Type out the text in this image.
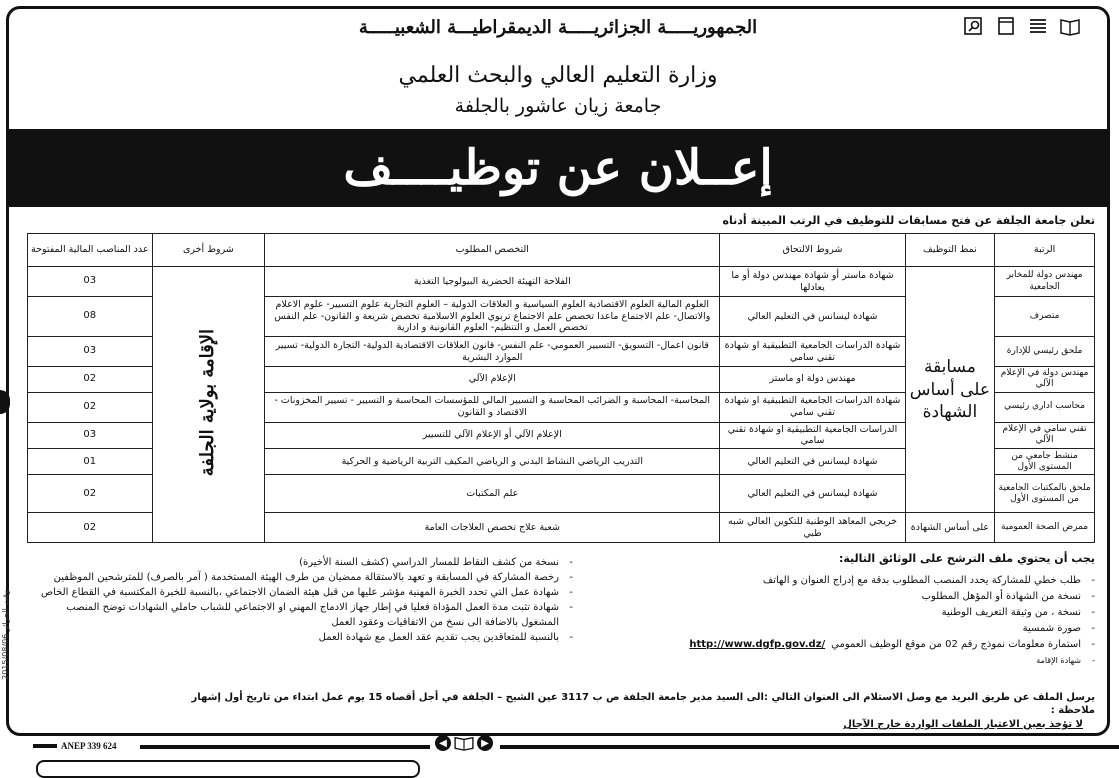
الجمهوريـــــة الجزائريـــــة الديمقراطيـــة الشعبيـــــة
وزارة التعليم العالي والبحث العلمي
جامعة زيان عاشور بالجلفة
إعــلان عن توظيــــف
تعلن جامعة الجلفة عن فتح مسابقات للتوظيف في الرتب المبينة أدناه
الرتبة	نمط التوظيف	شروط الالتحاق	التخصص المطلوب	شروط أخرى	عدد المناصب المالية المفتوحة
مهندس دولة للمخابر الجامعية	مسابقة على أساس الشهادة	شهادة ماستر أو شهادة مهندس دولة أو ما يعادلها	الفلاحة التهيئة الحضرية البيولوجيا التغذية	الإقامة بولاية الجلفة	03
متصرف		شهادة ليسانس في التعليم العالي	العلوم المالية العلوم الاقتصادية العلوم السياسية و العلاقات الدولية – العلوم التجارية علوم التسيير- علوم الاعلام والاتصال- علم الاجتماع ماعدا تخصص علم الاجتماع تربوي العلوم الاسلامية تخصص شريعة و القانون- علم النفس تخصص العمل و التنظيم- العلوم القانونية و ادارية		08
ملحق رئيسي للإدارة		شهادة الدراسات الجامعية التطبيقية او شهادة تقني سامي	قانون اعمال- التسويق- التسيير العمومي- علم النفس- قانون العلاقات الاقتصادية الدولية- التجارة الدولية- تسيير الموارد البشرية		03
مهندس دولة في الإعلام الآلي		مهندس دولة او ماستر	الإعلام الآلي		02
محاسب اداري رئيسي		شهادة الدراسات الجامعية التطبيقية او شهادة تقني سامي	المحاسبة- المحاسبة و الضرائب المحاسبة و التسيير المالي للمؤسسات المحاسبة و التسيير - تسيير المخزونات - الاقتصاد و القانون		02
تقني سامي في الإعلام الآلي		الدراسات الجامعية التطبيقية او شهادة تقني سامي	الإعلام الآلي أو الإعلام الآلي للتسيير		03
منشط جامعي من المستوى الأول		شهادة ليسانس في التعليم العالي	التدريب الرياضي النشاط البدني و الرياضي المكيف التربية الرياضية و الحركية		01
ملحق بالمكتبات الجامعية من المستوى الأول		شهادة ليسانس في التعليم العالي	علم المكتبات		02
ممرض الصحة العمومية	على أساس الشهادة	خريجي المعاهد الوطنية للتكوين العالي شبه طبي	شعبة علاج تخصص العلاجات العامة		02
يجب أن يحتوي ملف الترشح على الوثائق التالية:
- طلب خطي للمشاركة يحدد المنصب المطلوب بدقة مع إدراج العنوان و الهاتف
- نسخة من الشهادة أو المؤهل المطلوب
- نسخة ، من وثيقة التعريف الوطنية
- صورة شمسية
- استمارة معلومات نموذج رقم 02 من موقع الوظيف العموميhttp://www.dgfp.gov.dz/
- شهادة الإقامة
- نسخة من كشف النقاط للمسار الدراسي (كشف السنة الأخيرة)
- رخصة المشاركة في المسابقة و تعهد بالاستقالة ممضيان من طرف الهيئة المستخدمة ( آمر بالصرف) للمترشحين الموظفين
- شهادة عمل التي تحدد الخبرة المهنية مؤشر عليها من قبل هيئة الضمان الاجتماعي ،بالنسبة للخبرة المكتسبة في القطاع الخاص
- شهادة تثبت مدة العمل المؤداة فعليا في إطار جهاز الادماج المهني او الاجتماعي للشباب حاملي الشهادات توضح المنصب المشغول بالاضافة الى نسخ من الاتفاقيات وعقود العمل
- بالنسبة للمتعاقدين يجب تقديم عقد العمل مع شهادة العمل
يرسل الملف عن طريق البريد مع وصل الاستلام الى العنوان التالي :الى السيد مدير جامعة الجلفة ص ب 3117 عين الشيح – الجلفة في أجل أقصاه 15 يوم عمل ابتداء من تاريخ أول إشهار
ملاحظة :
لا تؤخذ بعين الاعتبار الملفات الواردة خارج الآجال
وقت الجزائر 2015/08/06
ANEP 339 624	◀	▶
